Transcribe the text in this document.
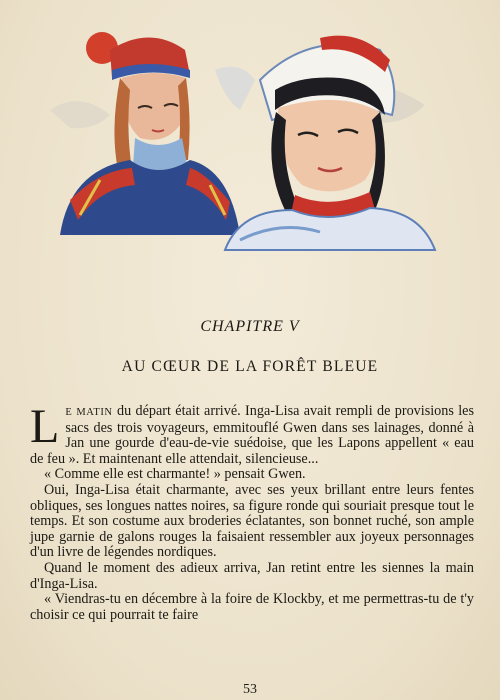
CHAPITRE V
AU CŒUR DE LA FORÊT BLEUE

L E MATIN du départ était arrivé. Inga-Lisa avait rempli de provisions les sacs des trois voyageurs, emmitouflé Gwen dans ses lainages, donné à Jan une gourde d'eau-de-vie suédoise, que les Lapons appellent « eau de feu ». Et maintenant elle attendait, silencieuse...

« Comme elle est charmante! » pensait Gwen.

Oui, Inga-Lisa était charmante, avec ses yeux brillant entre leurs fentes obliques, ses longues nattes noires, sa figure ronde qui souriait presque tout le temps. Et son costume aux broderies éclatantes, son bonnet ruché, son ample jupe garnie de galons rouges la faisaient ressembler aux joyeux personnages d'un livre de légendes nordiques.

Quand le moment des adieux arriva, Jan retint entre les siennes la main d'Inga-Lisa.

« Viendras-tu en décembre à la foire de Klockby, et me permettras-tu de t'y choisir ce qui pourrait te faire

53
